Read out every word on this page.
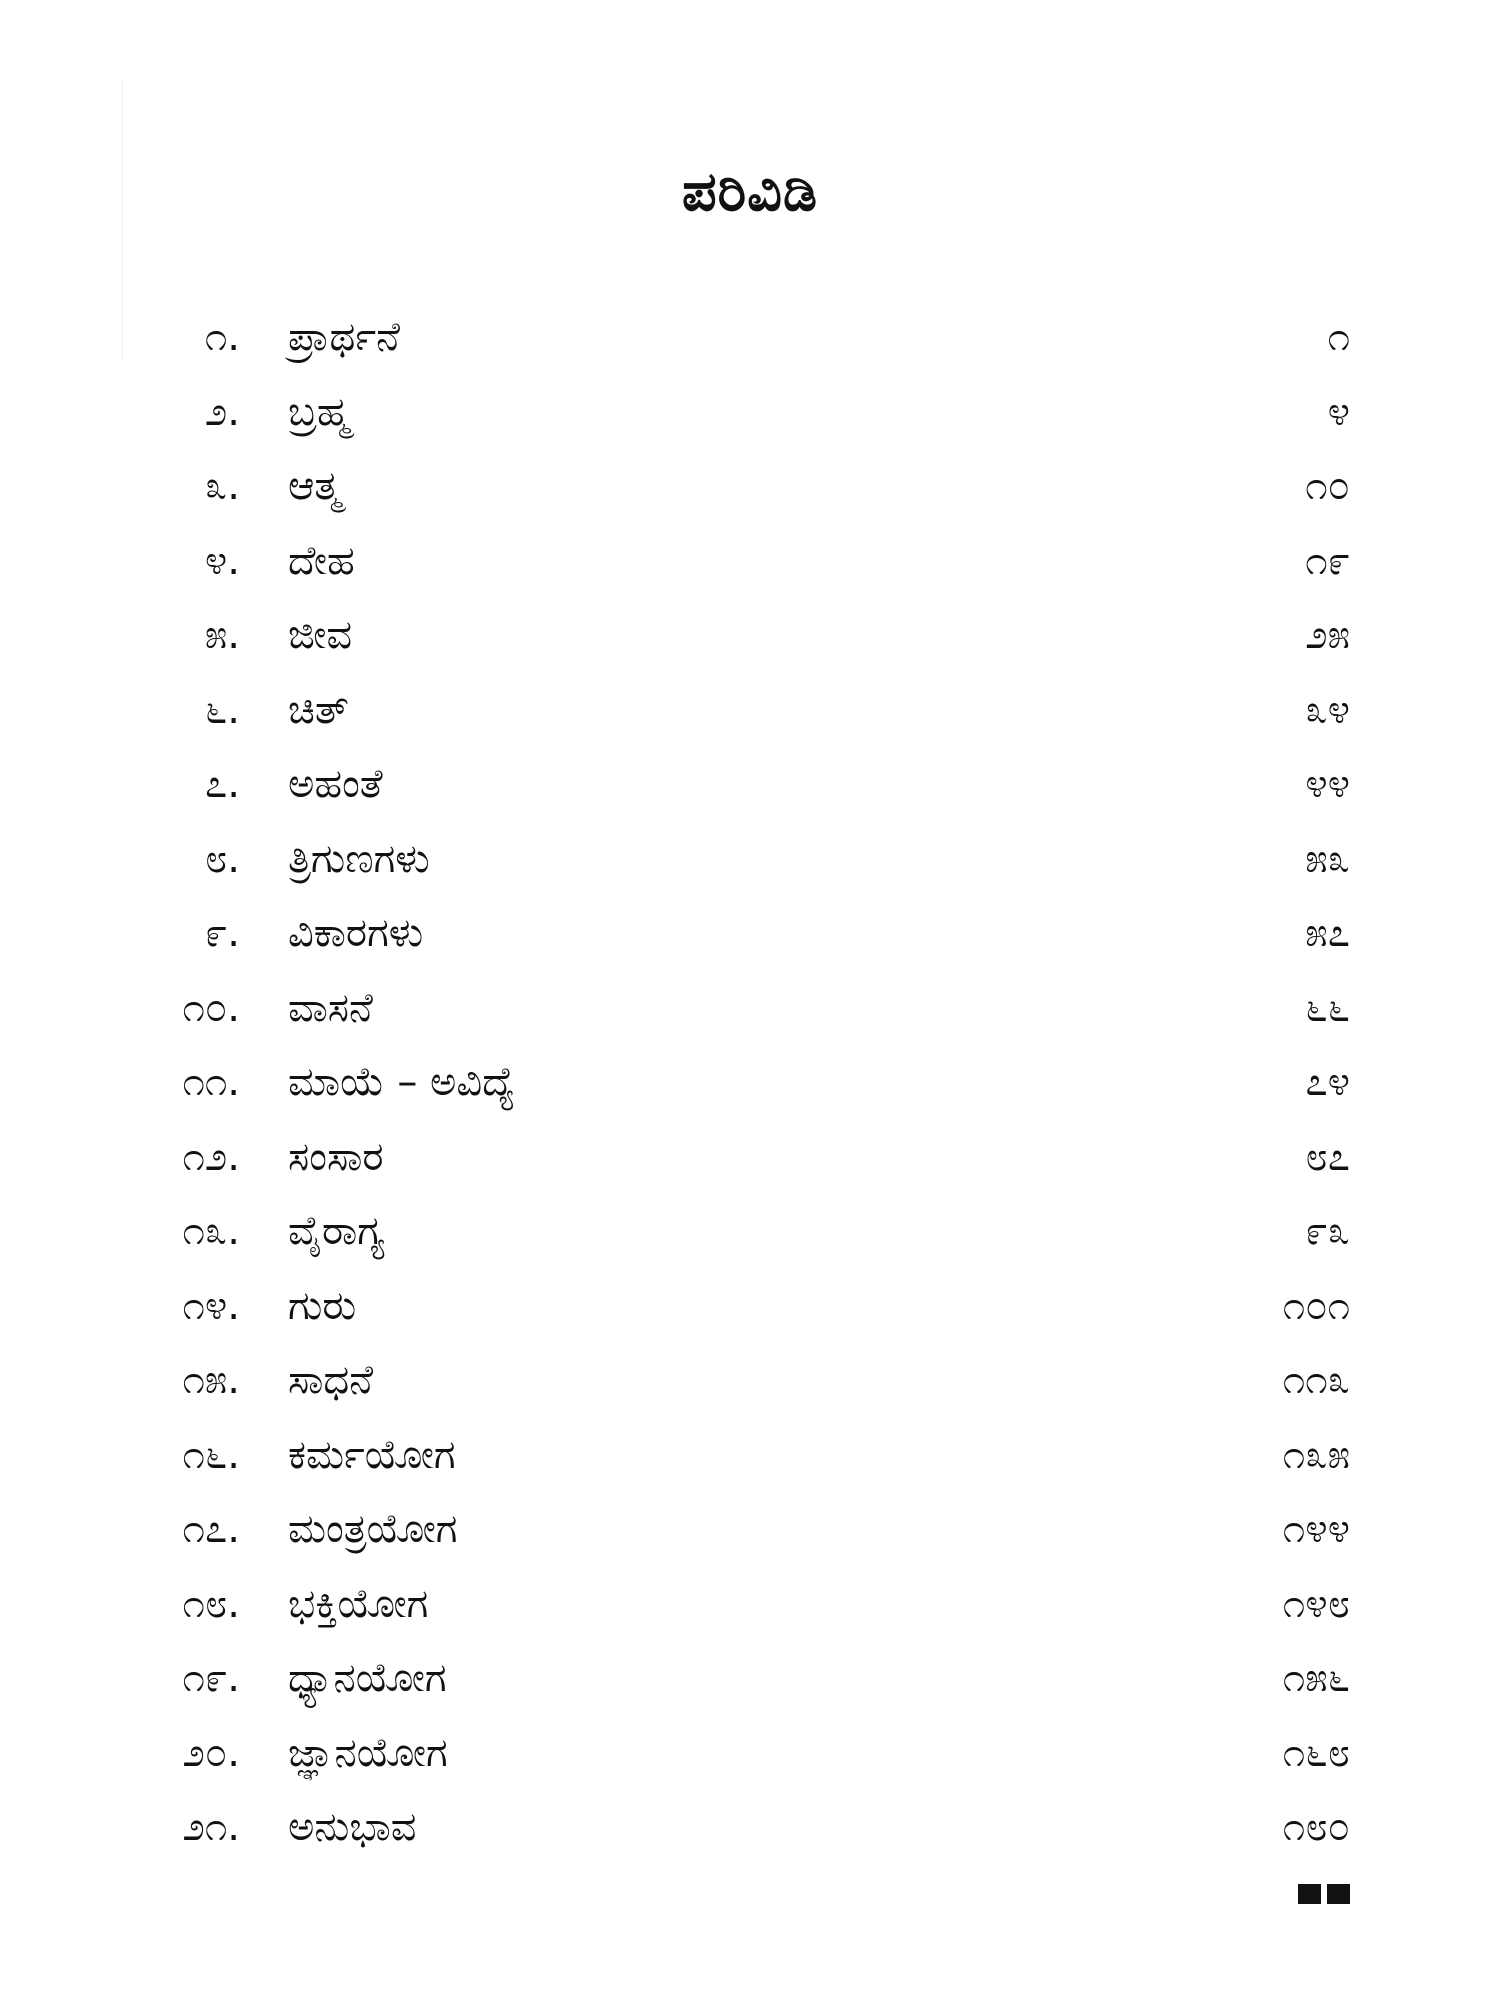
ಪರಿವಿಡಿ
೧. ಪ್ರಾರ್ಥನೆ	೧
೨. ಬ್ರಹ್ಮ	೪
೩. ಆತ್ಮ	೧೦
೪. ದೇಹ	೧೯
೫. ಜೀವ	೨೫
೬. ಚಿತ್	೩೪
೭. ಅಹಂತೆ	೪೪
೮. ತ್ರಿಗುಣಗಳು	೫೩
೯. ವಿಕಾರಗಳು	೫೭
೧೦. ವಾಸನೆ	೬೬
೧೧. ಮಾಯೆ – ಅವಿದ್ಯೆ	೭೪
೧೨. ಸಂಸಾರ	೮೭
೧೩. ವೈರಾಗ್ಯ	೯೩
೧೪. ಗುರು	೧೦೧
೧೫. ಸಾಧನೆ	೧೧೩
೧೬. ಕರ್ಮಯೋಗ	೧೩೫
೧೭. ಮಂತ್ರಯೋಗ	೧೪೪
೧೮. ಭಕ್ತಿಯೋಗ	೧೪೮
೧೯. ಧ್ಯಾನಯೋಗ	೧೫೬
೨೦. ಜ್ಞಾನಯೋಗ	೧೬೮
೨೧. ಅನುಭಾವ	೧೮೦
